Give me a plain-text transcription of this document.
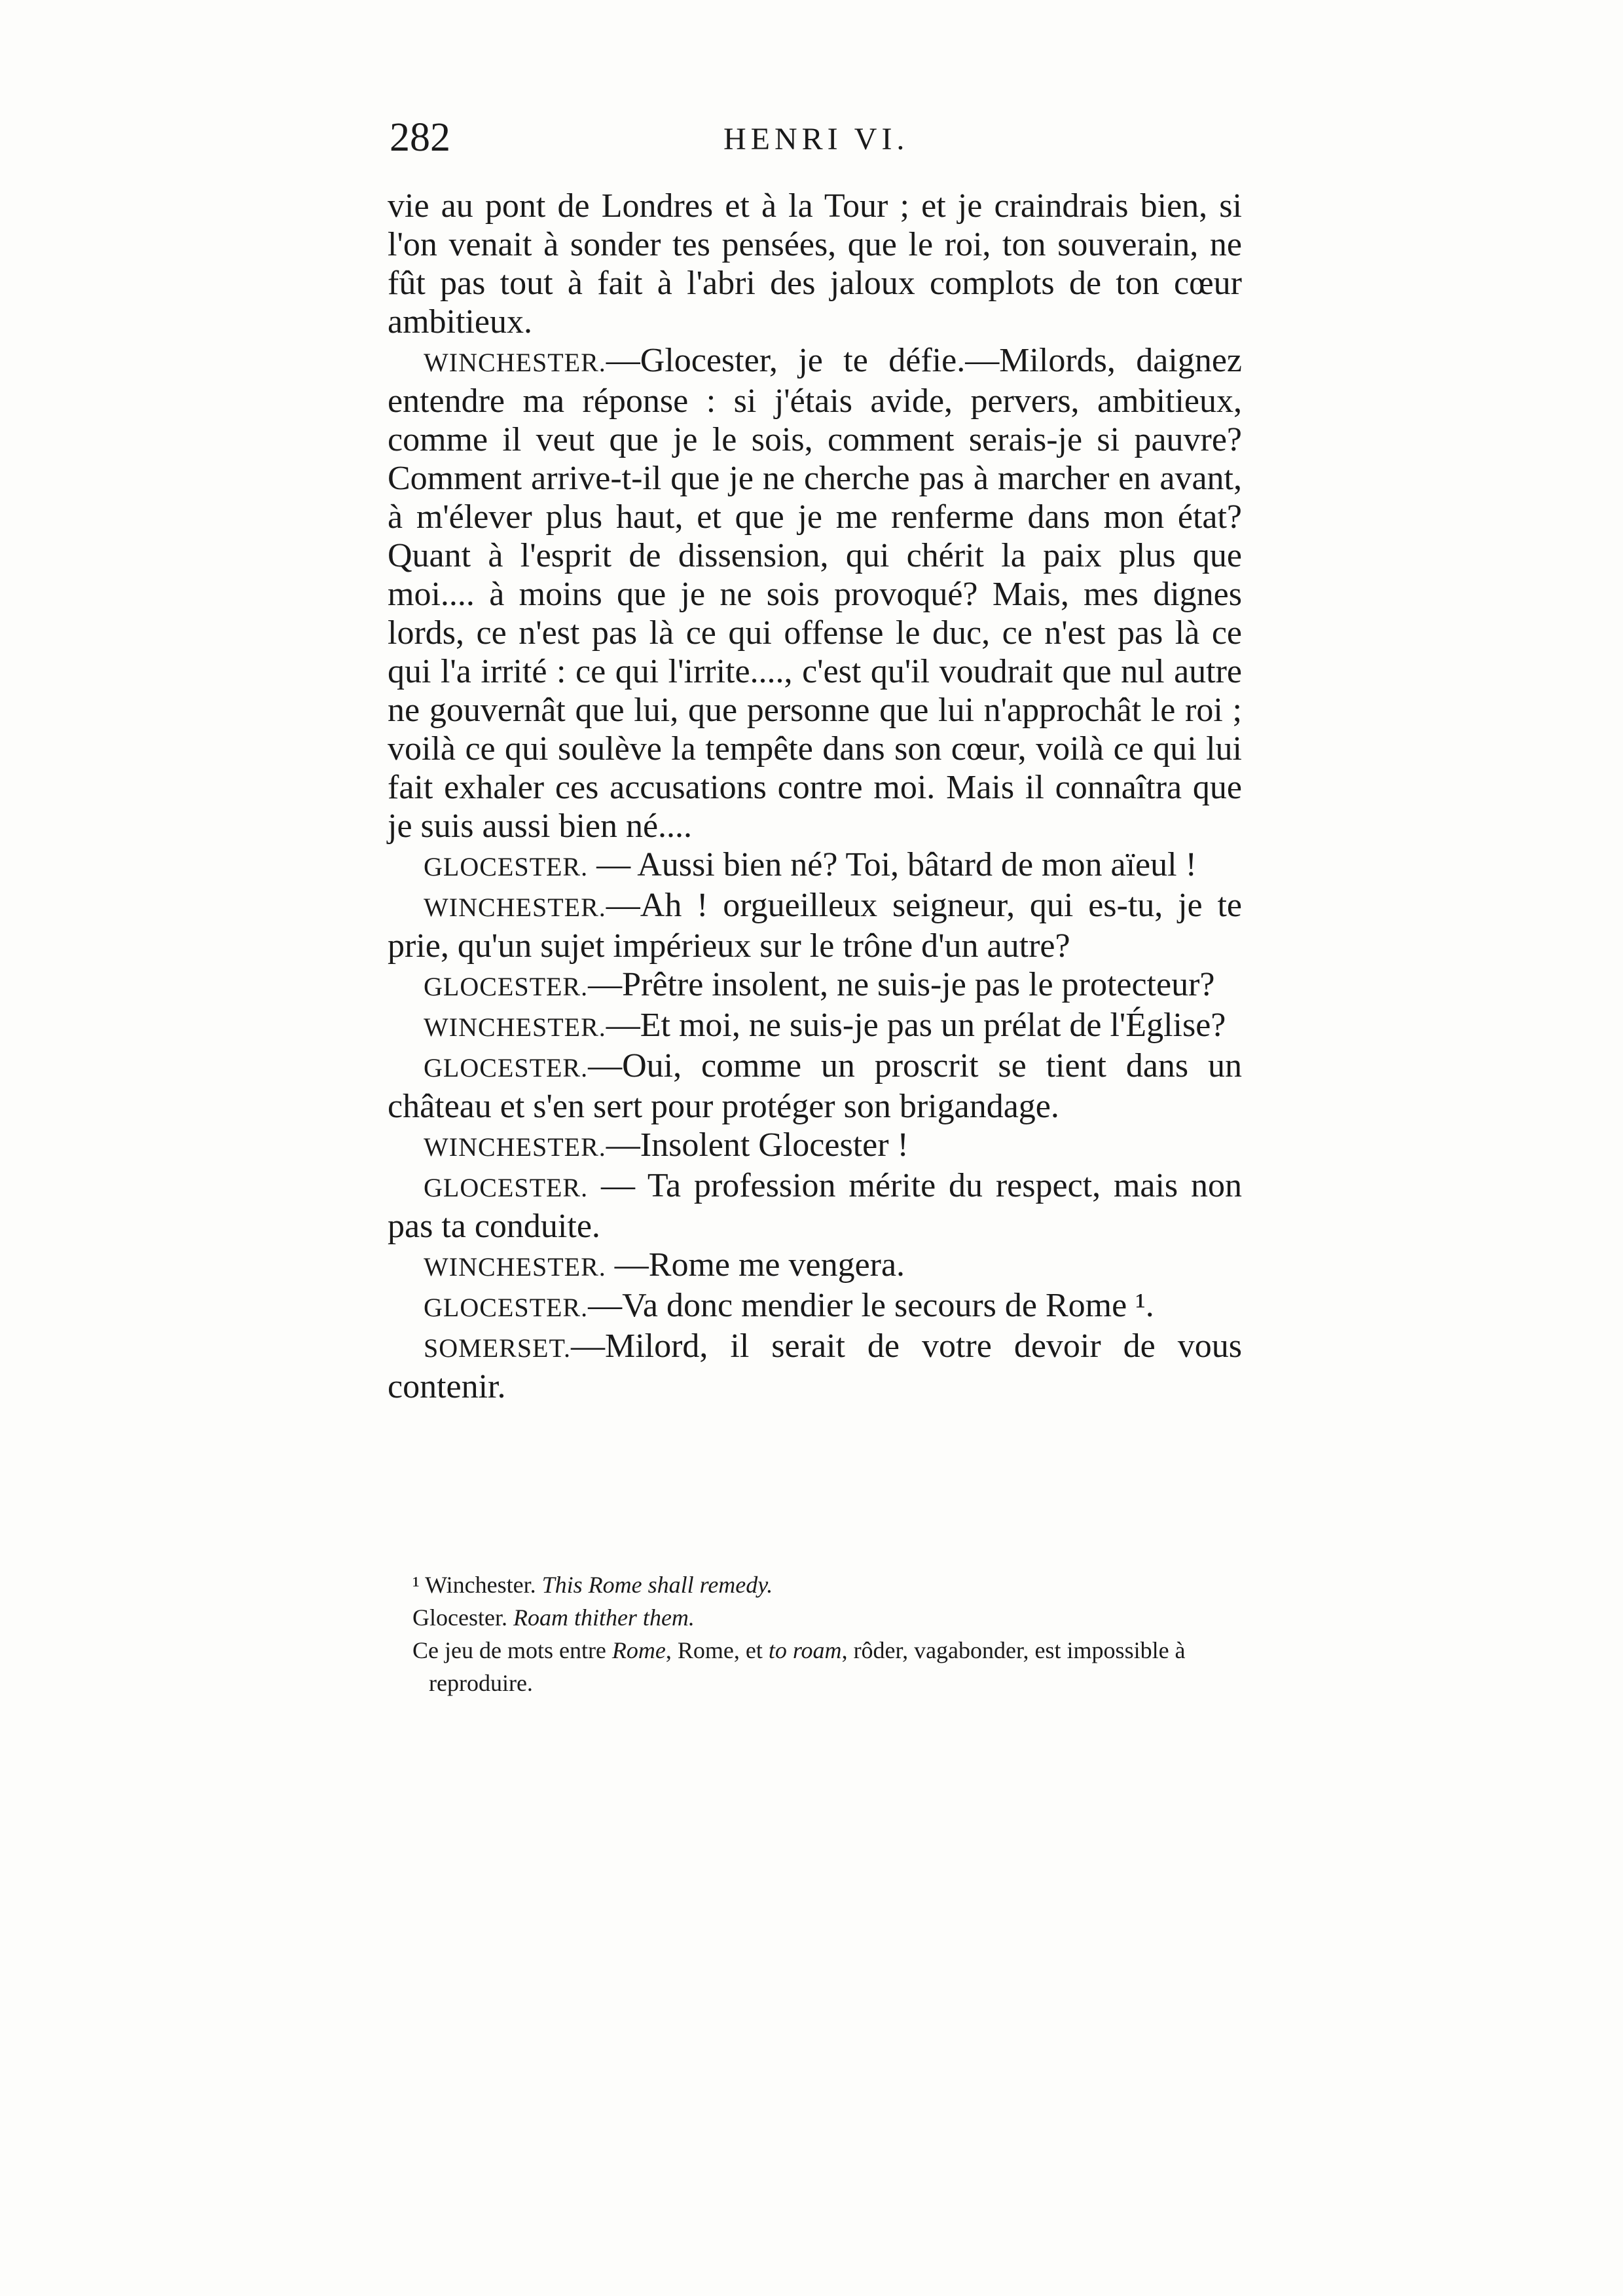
282	HENRI VI.

vie au pont de Londres et à la Tour ; et je craindrais bien, si l'on venait à sonder tes pensées, que le roi, ton souverain, ne fût pas tout à fait à l'abri des jaloux complots de ton cœur ambitieux.

WINCHESTER.—Glocester, je te défie.—Milords, daignez entendre ma réponse : si j'étais avide, pervers, ambitieux, comme il veut que je le sois, comment serais-je si pauvre? Comment arrive-t-il que je ne cherche pas à marcher en avant, à m'élever plus haut, et que je me renferme dans mon état? Quant à l'esprit de dissension, qui chérit la paix plus que moi.... à moins que je ne sois provoqué? Mais, mes dignes lords, ce n'est pas là ce qui offense le duc, ce n'est pas là ce qui l'a irrité : ce qui l'irrite...., c'est qu'il voudrait que nul autre ne gouvernât que lui, que personne que lui n'approchât le roi ; voilà ce qui soulève la tempête dans son cœur, voilà ce qui lui fait exhaler ces accusations contre moi. Mais il connaîtra que je suis aussi bien né....

GLOCESTER. — Aussi bien né? Toi, bâtard de mon aïeul !

WINCHESTER.—Ah ! orgueilleux seigneur, qui es-tu, je te prie, qu'un sujet impérieux sur le trône d'un autre?

GLOCESTER.—Prêtre insolent, ne suis-je pas le protecteur?

WINCHESTER.—Et moi, ne suis-je pas un prélat de l'Église?

GLOCESTER.—Oui, comme un proscrit se tient dans un château et s'en sert pour protéger son brigandage.

WINCHESTER.—Insolent Glocester !

GLOCESTER. — Ta profession mérite du respect, mais non pas ta conduite.

WINCHESTER. —Rome me vengera.

GLOCESTER.—Va donc mendier le secours de Rome ¹.

SOMERSET.—Milord, il serait de votre devoir de vous contenir.

¹ Winchester. This Rome shall remedy.

Glocester. Roam thither them.

Ce jeu de mots entre Rome, Rome, et to roam, rôder, vagabonder, est impossible à reproduire.
